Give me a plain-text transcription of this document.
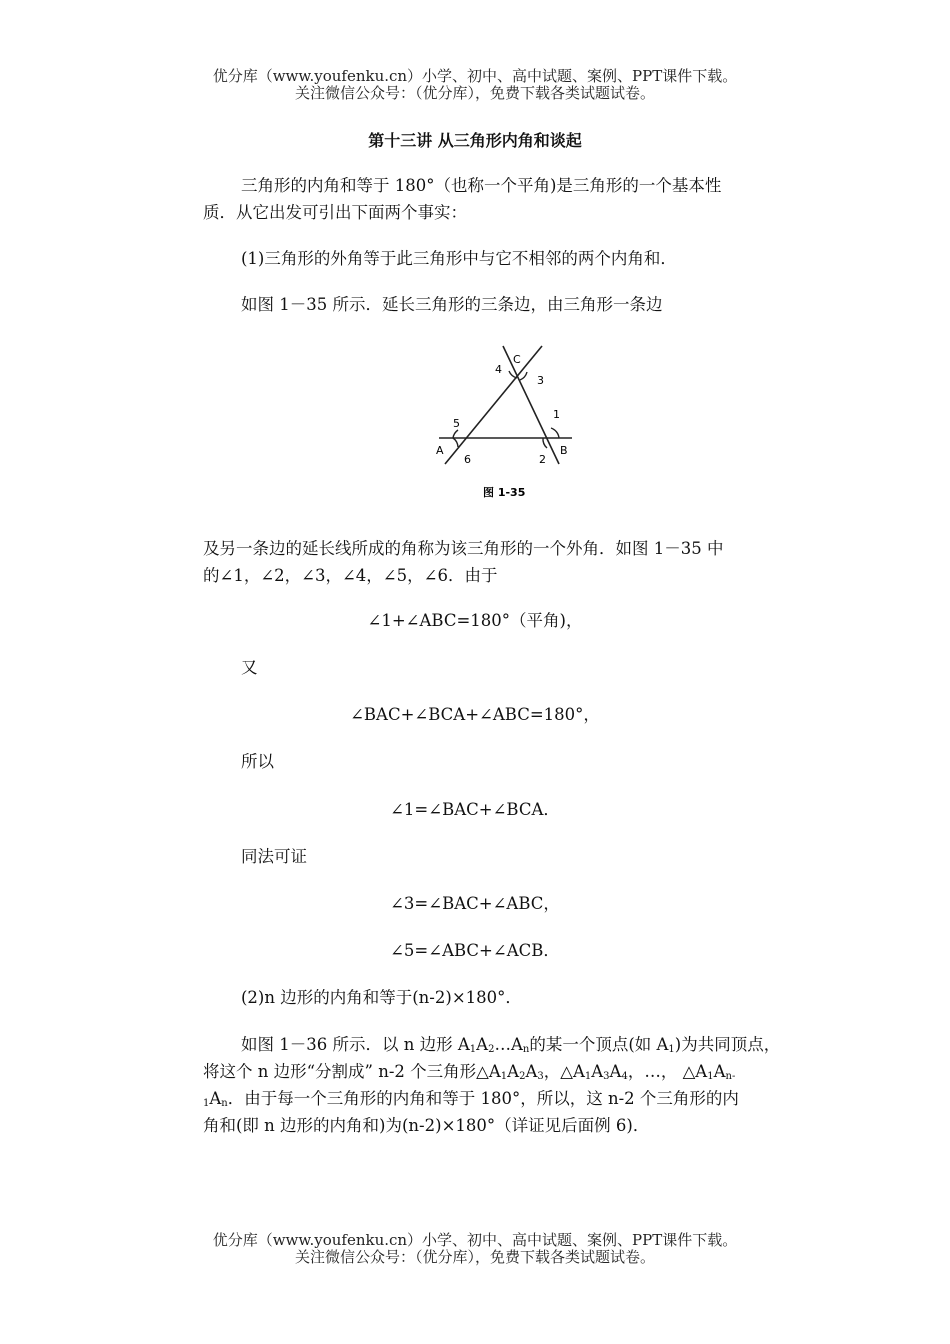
优分库（www.youfenku.cn）小学、初中、高中试题、案例、PPT课件下载。
关注微信公众号：（优分库），免费下载各类试题试卷。
第十三讲 从三角形内角和谈起
三角形的内角和等于 180°（也称一个平角)是三角形的一个基本性
质．从它出发可引出下面两个事实：
(1)三角形的外角等于此三角形中与它不相邻的两个内角和．
如图 1－35 所示．延长三角形的三条边，由三角形一条边
A	B
C
1
2
3
4
5
6
图 1-35
及另一条边的延长线所成的角称为该三角形的一个外角．如图 1－35 中
的∠1，∠2，∠3，∠4，∠5，∠6．由于
∠1+∠ABC=180°（平角)，
又
∠BAC+∠BCA+∠ABC=180°，
所以
∠1=∠BAC+∠BCA．
同法可证
∠3=∠BAC+∠ABC，
∠5=∠ABC+∠ACB．
(2)n 边形的内角和等于(n-2)×180°．
如图 1－36 所示．以 n 边形 $A_1A_2\dots A_n$的某一个顶点(如 $A_1$)为共同顶点，
将这个 n 边形“分割成” n-2 个三角形$\triangle A_1A_2A_3$，$\triangle A_1A_3A_4$，…， $\triangle A_1A_{n-}$
$_1A_n$．由于每一个三角形的内角和等于 180°，所以，这 n-2 个三角形的内
角和(即 n 边形的内角和)为(n-2)×180°（详证见后面例 6)．
优分库（www.youfenku.cn）小学、初中、高中试题、案例、PPT课件下载。
关注微信公众号：（优分库），免费下载各类试题试卷。
